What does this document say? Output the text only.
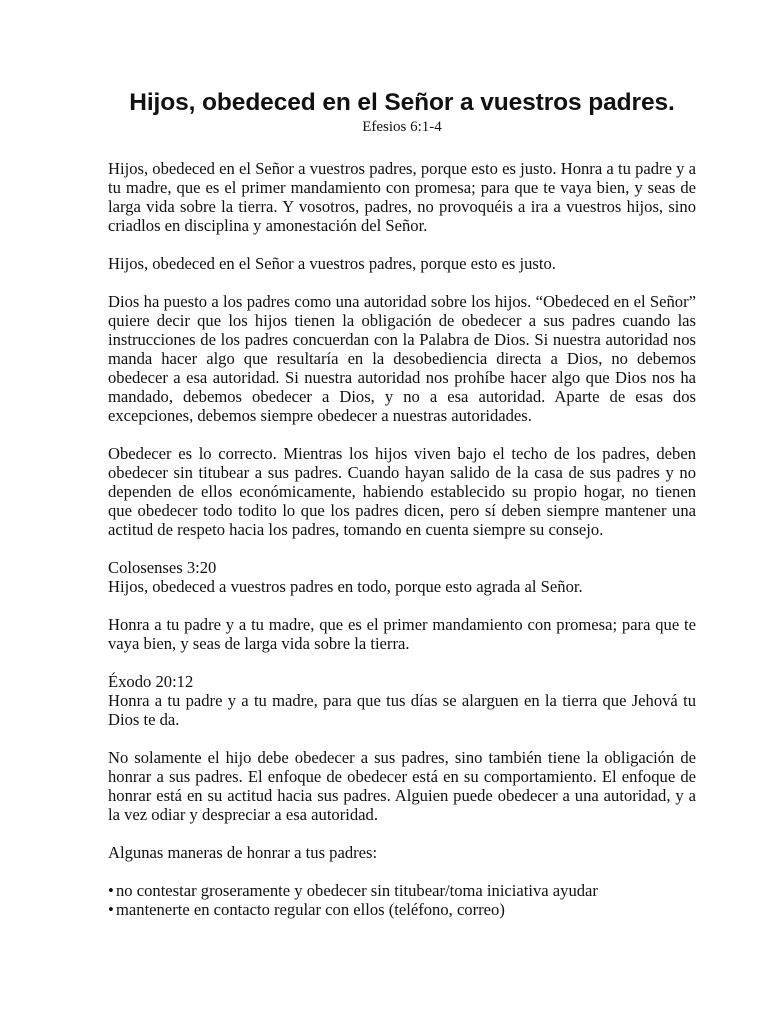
Hijos, obedeced en el Señor a vuestros padres.
Efesios 6:1-4

Hijos, obedeced en el Señor a vuestros padres, porque esto es justo. Honra a tu padre y a tu madre, que es el primer mandamiento con promesa; para que te vaya bien, y seas de larga vida sobre la tierra. Y vosotros, padres, no provoquéis a ira a vuestros hijos, sino criadlos en disciplina y amonestación del Señor.

Hijos, obedeced en el Señor a vuestros padres, porque esto es justo.

Dios ha puesto a los padres como una autoridad sobre los hijos. “Obedeced en el Señor” quiere decir que los hijos tienen la obligación de obedecer a sus padres cuando las instrucciones de los padres concuerdan con la Palabra de Dios. Si nuestra autoridad nos manda hacer algo que resultaría en la desobediencia directa a Dios, no debemos obedecer a esa autoridad. Si nuestra autoridad nos prohíbe hacer algo que Dios nos ha mandado, debemos obedecer a Dios, y no a esa autoridad. Aparte de esas dos excepciones, debemos siempre obedecer a nuestras autoridades.

Obedecer es lo correcto. Mientras los hijos viven bajo el techo de los padres, deben obedecer sin titubear a sus padres. Cuando hayan salido de la casa de sus padres y no dependen de ellos económicamente, habiendo establecido su propio hogar, no tienen que obedecer todo todito lo que los padres dicen, pero sí deben siempre mantener una actitud de respeto hacia los padres, tomando en cuenta siempre su consejo.

Colosenses 3:20
Hijos, obedeced a vuestros padres en todo, porque esto agrada al Señor.

Honra a tu padre y a tu madre, que es el primer mandamiento con promesa; para que te vaya bien, y seas de larga vida sobre la tierra.

Éxodo 20:12
Honra a tu padre y a tu madre, para que tus días se alarguen en la tierra que Jehová tu Dios te da.

No solamente el hijo debe obedecer a sus padres, sino también tiene la obligación de honrar a sus padres. El enfoque de obedecer está en su comportamiento. El enfoque de honrar está en su actitud hacia sus padres. Alguien puede obedecer a una autoridad, y a la vez odiar y despreciar a esa autoridad.

Algunas maneras de honrar a tus padres:

• no contestar groseramente y obedecer sin titubear/toma iniciativa ayudar
• mantenerte en contacto regular con ellos (teléfono, correo)
